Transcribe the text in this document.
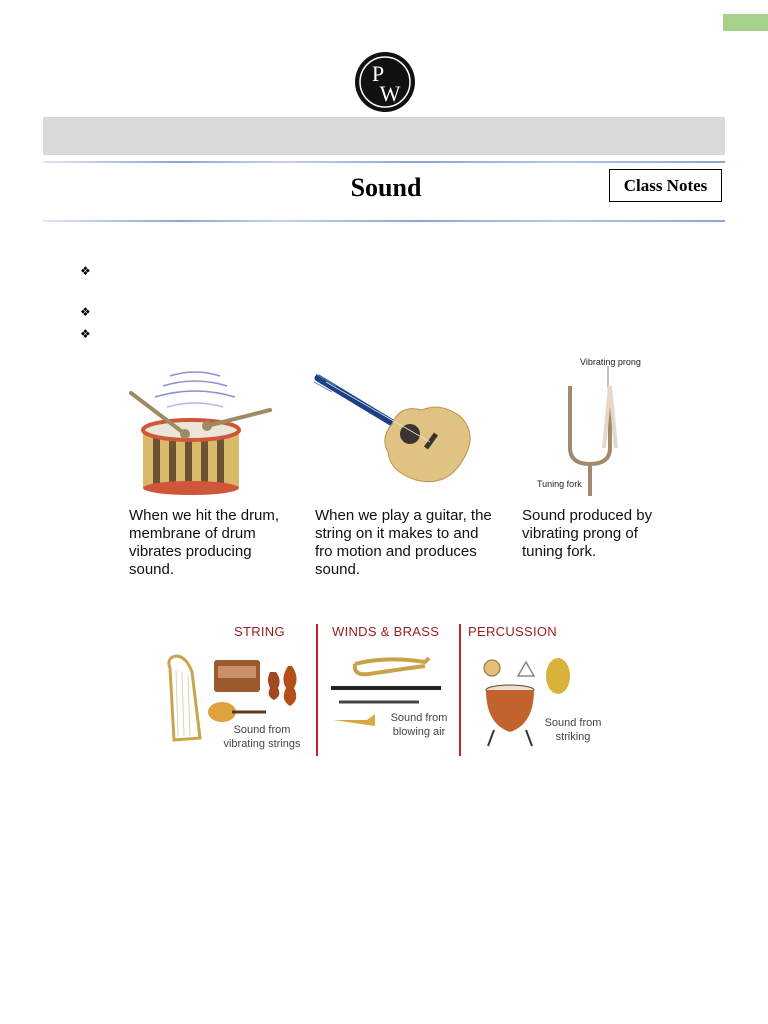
P
W
Sound	Class Notes
❖
❖
❖
Vibrating prong
Tuning fork
When we hit the drum, membrane of drum vibrates producing sound.
When we play a guitar, the string on it makes to and fro motion and produces sound.
Sound produced by vibrating prong of tuning fork.
STRING	WINDS & BRASS PERCUSSION
Sound from vibrating strings
Sound from blowing air
Sound from striking
